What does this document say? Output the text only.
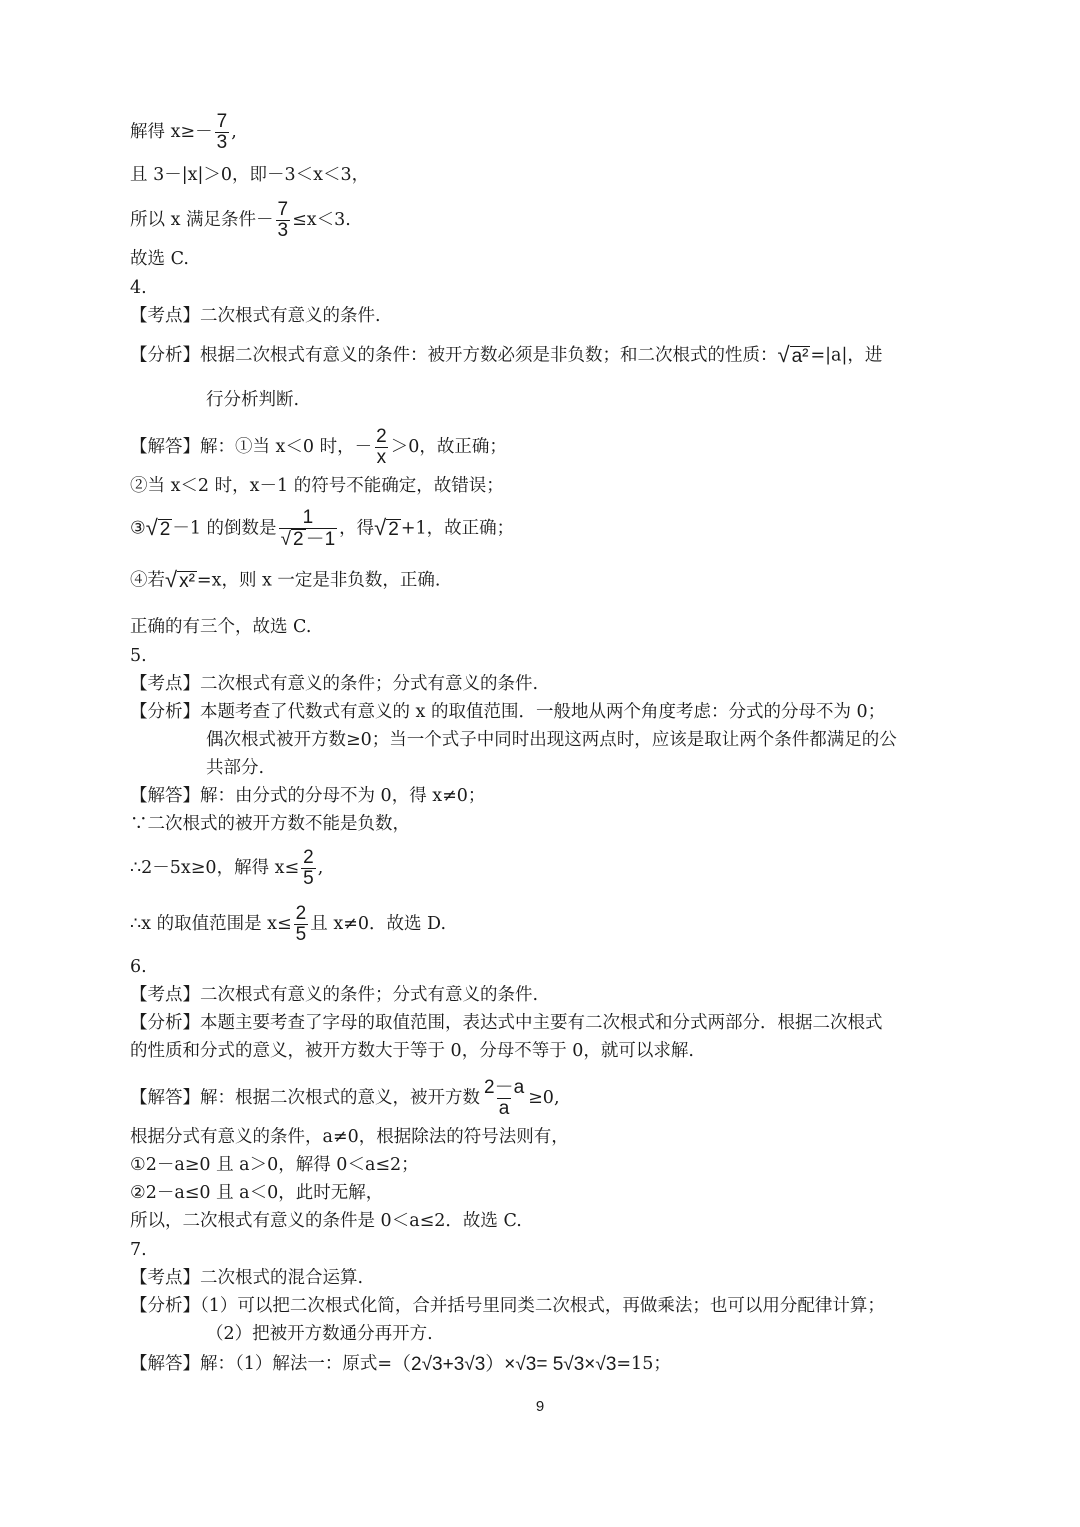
解得 $x\ge- \frac{7}{3}$ ,
且 3－|x|＞0，即－3＜x＜3，
所以 x 满足条件－ $\frac{7}{3} \le x<3$.
故选 C.
4.
【考点】二次根式有意义的条件.
【分析】根据二次根式有意义的条件：被开方数必须是非负数；和二次根式的性质：√ a² =|a|，进
行分析判断.
【解答】解：①当 x＜0 时，－ $\frac{2}{x} >0$，故正确；
②当 x＜2 时，x－1 的符号不能确定，故错误；
③√ 2 －1 的倒数是 $\frac{1}{√ 2 -1}$ ，得√ 2 +1，故正确；
④若√ x² =x，则 x 一定是非负数，正确.
正确的有三个，故选 C.
5.
【考点】二次根式有意义的条件；分式有意义的条件.
【分析】本题考查了代数式有意义的 x 的取值范围．一般地从两个角度考虑：分式的分母不为 0；
偶次根式被开方数≥0；当一个式子中同时出现这两点时，应该是取让两个条件都满足的公
共部分.
【解答】解：由分式的分母不为 0，得 x≠0；
∵二次根式的被开方数不能是负数，
∴2－5x≥0，解得 $x\le \frac{2}{5}$ ,
∴x 的取值范围是 $x\le \frac{2}{5}$ 且 x≠0．故选 D.
6.
【考点】二次根式有意义的条件；分式有意义的条件.
【分析】本题主要考查了字母的取值范围，表达式中主要有二次根式和分式两部分．根据二次根式
的性质和分式的意义，被开方数大于等于 0，分母不等于 0，就可以求解.
【解答】解：根据二次根式的意义，被开方数 $\frac{2-a}{a} \ge 0$,
根据分式有意义的条件，a≠0，根据除法的符号法则有，
①2－a≥0 且 a＞0，解得 0＜a≤2；
②2－a≤0 且 a＜0，此时无解，
所以，二次根式有意义的条件是 0＜a≤2．故选 C.
7.
【考点】二次根式的混合运算.
【分析】（1）可以把二次根式化简，合并括号里同类二次根式，再做乘法；也可以用分配律计算；
（2）把被开方数通分再开方.
【解答】解：（1）解法一：原式=（2√3+3√3）×√3= 5√3×√3=15；
9
